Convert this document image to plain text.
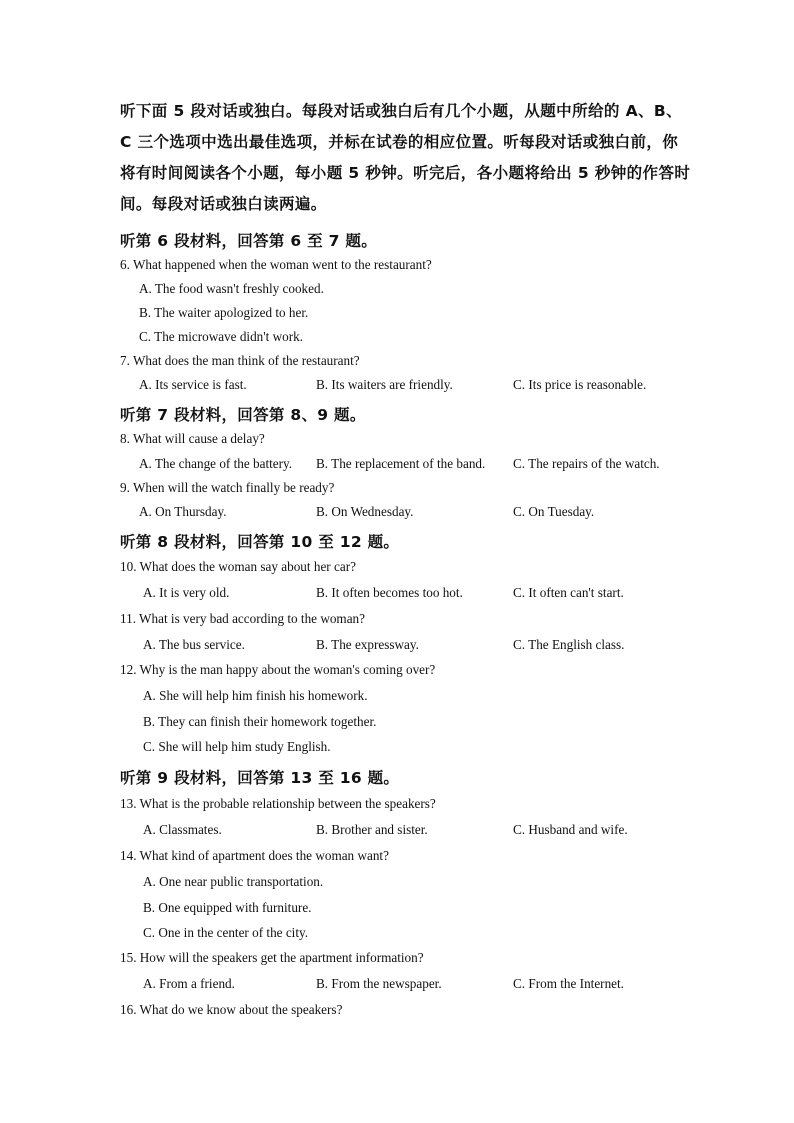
听下面 5 段对话或独白。每段对话或独白后有几个小题，从题中所给的 A、B、
C 三个选项中选出最佳选项，并标在试卷的相应位置。听每段对话或独白前，你
将有时间阅读各个小题，每小题 5 秒钟。听完后，各小题将给出 5 秒钟的作答时
间。每段对话或独白读两遍。
听第 6 段材料，回答第 6 至 7 题。
6. What happened when the woman went to the restaurant?
A. The food wasn't freshly cooked.
B. The waiter apologized to her.
C. The microwave didn't work.
7. What does the man think of the restaurant?
A. Its service is fast.	B. Its waiters are friendly.	C. Its price is reasonable.
听第 7 段材料，回答第 8、9 题。
8. What will cause a delay?
A. The change of the battery. B. The replacement of the band. C. The repairs of the watch.
9. When will the watch finally be ready?
A. On Thursday.	B. On Wednesday.	C. On Tuesday.
听第 8 段材料，回答第 10 至 12 题。
10. What does the woman say about her car?
A. It is very old.	B. It often becomes too hot.	C. It often can't start.
11. What is very bad according to the woman?
A. The bus service.	B. The expressway.	C. The English class.
12. Why is the man happy about the woman's coming over?
A. She will help him finish his homework.
B. They can finish their homework together.
C. She will help him study English.
听第 9 段材料，回答第 13 至 16 题。
13. What is the probable relationship between the speakers?
A. Classmates.	B. Brother and sister.	C. Husband and wife.
14. What kind of apartment does the woman want?
A. One near public transportation.
B. One equipped with furniture.
C. One in the center of the city.
15. How will the speakers get the apartment information?
A. From a friend.	B. From the newspaper.	C. From the Internet.
16. What do we know about the speakers?
